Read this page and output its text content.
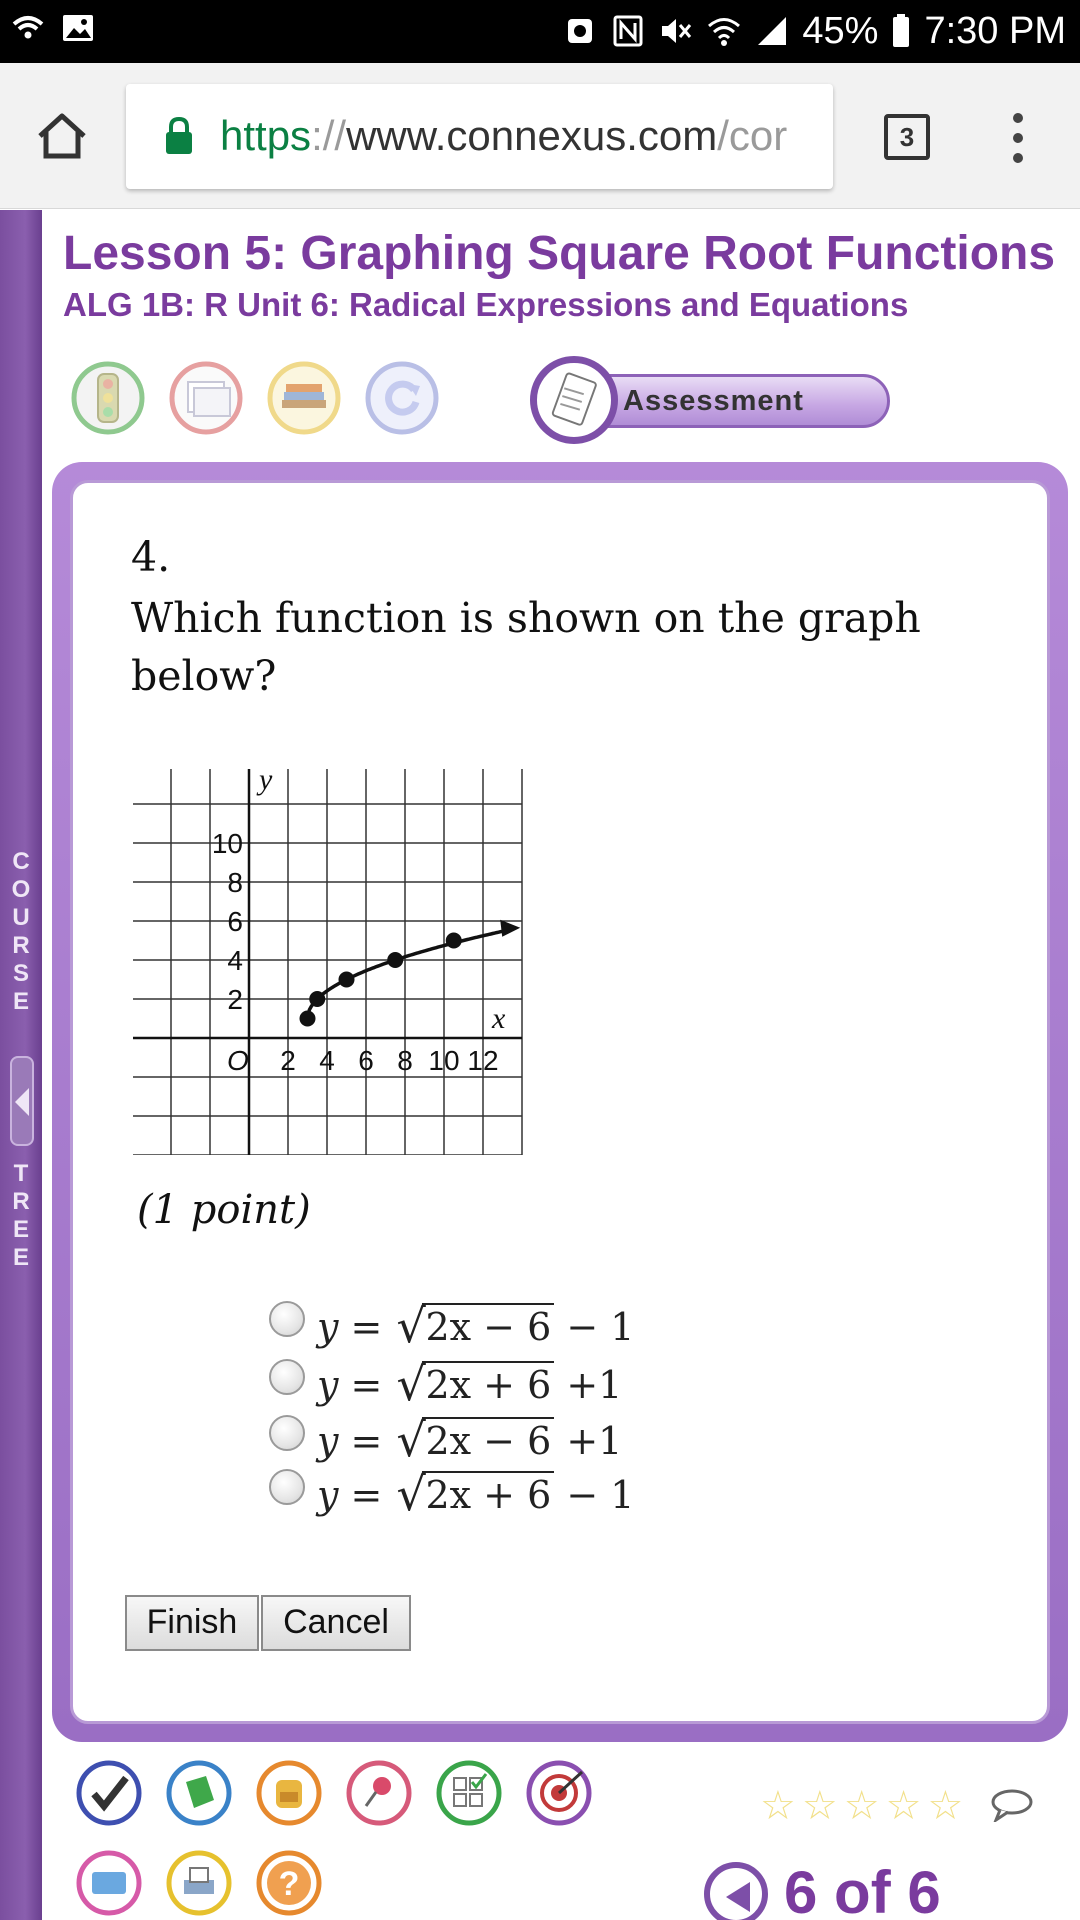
45% 7:30 PM
https://www.connexus.com/cor	3
COURSE
TREE
Lesson 5: Graphing Square Root Functions
ALG 1B: R Unit 6: Radical Expressions and Equations
Assessment
4.
Which function is shown on the graph below?
2 4 6 8 10 12
2
4
6
8
10
O
y
x
(1 point)
y = √ 2x − 6 − 1
y = √ 2x + 6 +1
y = √ 2x − 6 +1
y = √ 2x + 6 − 1
Finish	Cancel
?
☆ ☆ ☆ ☆ ☆
6 of 6
